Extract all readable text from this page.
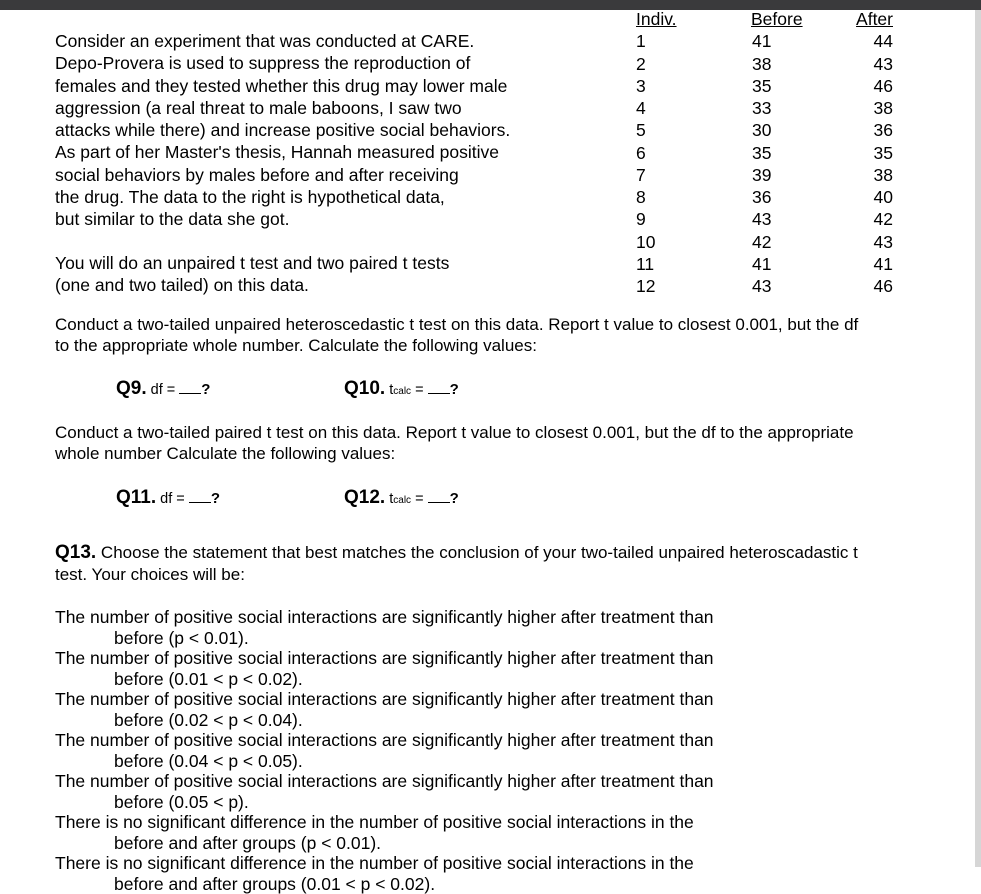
Consider an experiment that was conducted at CARE.
Depo-Provera is used to suppress the reproduction of
females and they tested whether this drug may lower male
aggression (a real threat to male baboons, I saw two
attacks while there) and increase positive social behaviors.
As part of her Master's thesis, Hannah measured positive
social behaviors by males before and after receiving
the drug. The data to the right is hypothetical data,
but similar to the data she got.
You will do an unpaired t test and two paired t tests
(one and two tailed) on this data.
Indiv.
1
2
3
4
5
6
7
8
9
10
11
12
Before
41
38
35
33
30
35
39
36
43
42
41
43
After
44
43
46
38
36
35
38
40
42
43
41
46
Conduct a two-tailed unpaired heteroscedastic t test on this data. Report t value to closest 0.001, but the df
to the appropriate whole number. Calculate the following values:
Q9. df = ?	Q10. tcalc = ?
Conduct a two-tailed paired t test on this data. Report t value to closest 0.001, but the df to the appropriate
whole number Calculate the following values:
Q11. df = ?	Q12. tcalc = ?
Q13. Choose the statement that best matches the conclusion of your two-tailed unpaired heteroscadastic t
test. Your choices will be:
The number of positive social interactions are significantly higher after treatment than
before (p < 0.01).
The number of positive social interactions are significantly higher after treatment than
before (0.01 < p < 0.02).
The number of positive social interactions are significantly higher after treatment than
before (0.02 < p < 0.04).
The number of positive social interactions are significantly higher after treatment than
before (0.04 < p < 0.05).
The number of positive social interactions are significantly higher after treatment than
before (0.05 < p).
There is no significant difference in the number of positive social interactions in the
before and after groups (p < 0.01).
There is no significant difference in the number of positive social interactions in the
before and after groups (0.01 < p < 0.02).
